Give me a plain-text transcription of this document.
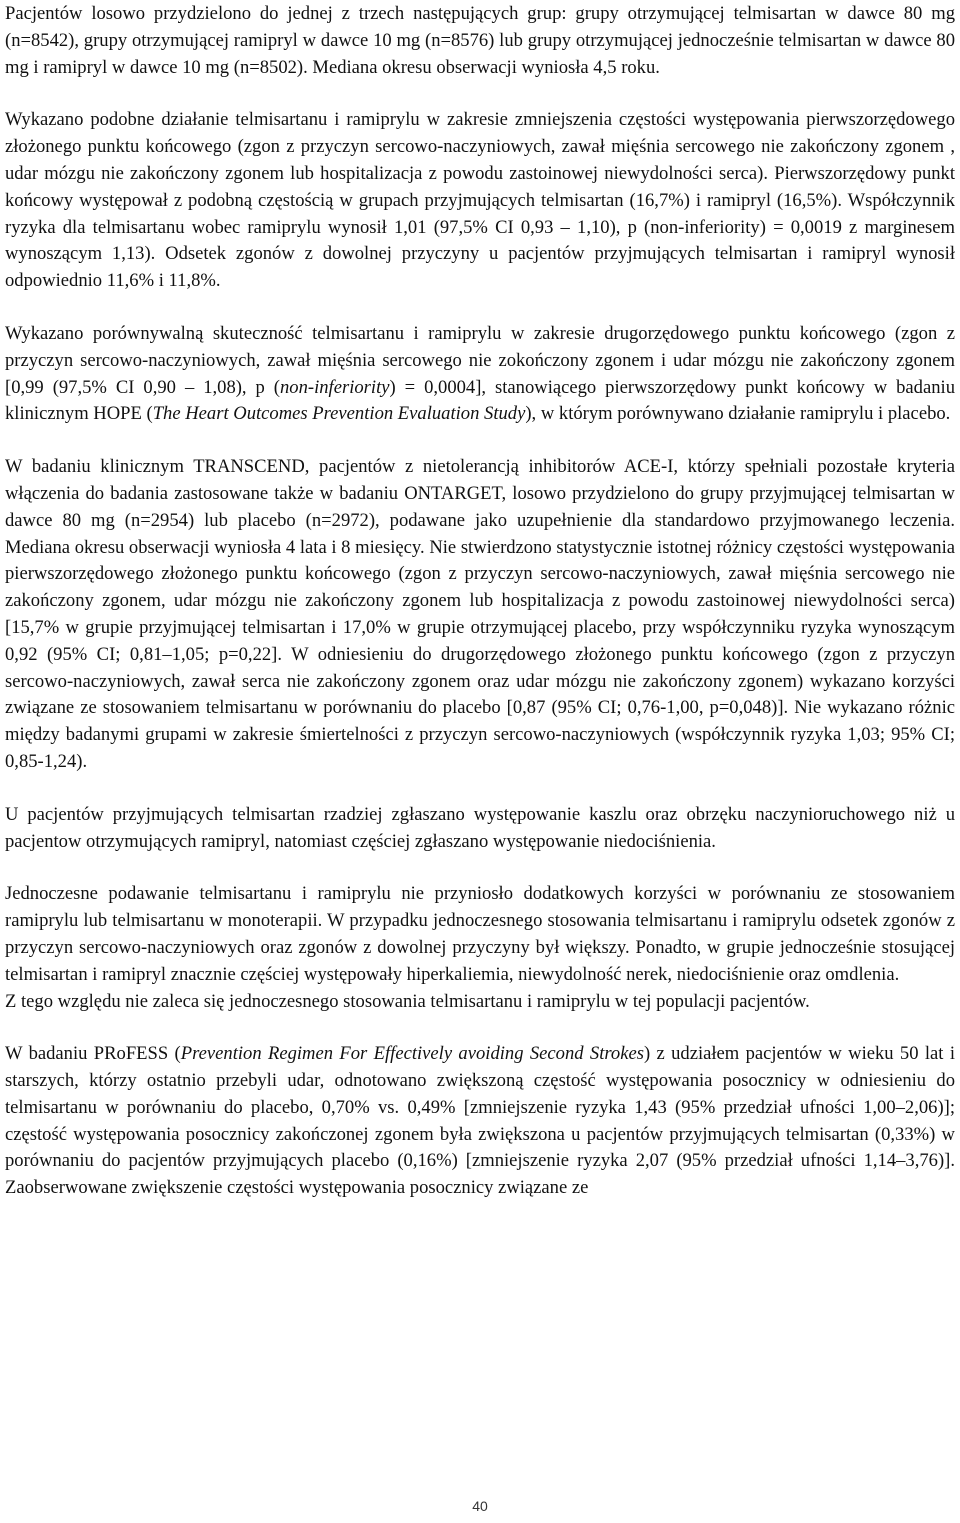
Pacjentów losowo przydzielono do jednej z trzech następujących grup: grupy otrzymującej telmisartan w dawce 80 mg (n=8542), grupy otrzymującej ramipryl w dawce 10 mg (n=8576) lub grupy otrzymującej jednocześnie telmisartan w dawce 80 mg i ramipryl w dawce 10 mg (n=8502). Mediana okresu obserwacji wyniosła 4,5 roku.

Wykazano podobne działanie telmisartanu i ramiprylu w zakresie zmniejszenia częstości występowania pierwszorzędowego złożonego punktu końcowego (zgon z przyczyn sercowo-naczyniowych, zawał mięśnia sercowego nie zakończony zgonem , udar mózgu nie zakończony zgonem lub hospitalizacja z powodu zastoinowej niewydolności serca). Pierwszorzędowy punkt końcowy występował z podobną częstością w grupach przyjmujących telmisartan (16,7%) i ramipryl (16,5%). Współczynnik ryzyka dla telmisartanu wobec ramiprylu wynosił 1,01 (97,5% CI 0,93 – 1,10), p (non-inferiority) = 0,0019 z marginesem wynoszącym 1,13). Odsetek zgonów z dowolnej przyczyny u pacjentów przyjmujących telmisartan i ramipryl wynosił odpowiednio 11,6% i 11,8%.

Wykazano porównywalną skuteczność telmisartanu i ramiprylu w zakresie drugorzędowego punktu końcowego (zgon z przyczyn sercowo-naczyniowych, zawał mięśnia sercowego nie zokończony zgonem i udar mózgu nie zakończony zgonem [0,99 (97,5% CI 0,90 – 1,08), p (non-inferiority) = 0,0004], stanowiącego pierwszorzędowy punkt końcowy w badaniu klinicznym HOPE (The Heart Outcomes Prevention Evaluation Study), w którym porównywano działanie ramiprylu i placebo.

W badaniu klinicznym TRANSCEND, pacjentów z nietolerancją inhibitorów ACE-I, którzy spełniali pozostałe kryteria włączenia do badania zastosowane także w badaniu ONTARGET, losowo przydzielono do grupy przyjmującej telmisartan w dawce 80 mg (n=2954) lub placebo (n=2972), podawane jako uzupełnienie dla standardowo przyjmowanego leczenia. Mediana okresu obserwacji wyniosła 4 lata i 8 miesięcy. Nie stwierdzono statystycznie istotnej różnicy częstości występowania pierwszorzędowego złożonego punktu końcowego (zgon z przyczyn sercowo-naczyniowych, zawał mięśnia sercowego nie zakończony zgonem, udar mózgu nie zakończony zgonem lub hospitalizacja z powodu zastoinowej niewydolności serca) [15,7% w grupie przyjmującej telmisartan i 17,0% w grupie otrzymującej placebo, przy współczynniku ryzyka wynoszącym 0,92 (95% CI; 0,81–1,05; p=0,22]. W odniesieniu do drugorzędowego złożonego punktu końcowego (zgon z przyczyn sercowo-naczyniowych, zawał serca nie zakończony zgonem oraz udar mózgu nie zakończony zgonem) wykazano korzyści związane ze stosowaniem telmisartanu w porównaniu do placebo [0,87 (95% CI; 0,76-1,00, p=0,048)]. Nie wykazano różnic między badanymi grupami w zakresie śmiertelności z przyczyn sercowo-naczyniowych (współczynnik ryzyka 1,03; 95% CI; 0,85-1,24).

U pacjentów przyjmujących telmisartan rzadziej zgłaszano występowanie kaszlu oraz obrzęku naczynioruchowego niż u pacjentow otrzymujących ramipryl, natomiast częściej zgłaszano występowanie niedociśnienia.

Jednoczesne podawanie telmisartanu i ramiprylu nie przyniosło dodatkowych korzyści w porównaniu ze stosowaniem ramiprylu lub telmisartanu w monoterapii. W przypadku jednoczesnego stosowania telmisartanu i ramiprylu odsetek zgonów z przyczyn sercowo-naczyniowych oraz zgonów z dowolnej przyczyny był większy. Ponadto, w grupie jednocześnie stosującej telmisartan i ramipryl znacznie częściej występowały hiperkaliemia, niewydolność nerek, niedociśnienie oraz omdlenia.

Z tego względu nie zaleca się jednoczesnego stosowania telmisartanu i ramiprylu w tej populacji pacjentów.

W badaniu PRoFESS (Prevention Regimen For Effectively avoiding Second Strokes) z udziałem pacjentów w wieku 50 lat i starszych, którzy ostatnio przebyli udar, odnotowano zwiększoną częstość występowania posocznicy w odniesieniu do telmisartanu w porównaniu do placebo, 0,70% vs. 0,49% [zmniejszenie ryzyka 1,43 (95% przedział ufności 1,00–2,06)]; częstość występowania posocznicy zakończonej zgonem była zwiększona u pacjentów przyjmujących telmisartan (0,33%) w porównaniu do pacjentów przyjmujących placebo (0,16%) [zmniejszenie ryzyka 2,07 (95% przedział ufności 1,14–3,76)]. Zaobserwowane zwiększenie częstości występowania posocznicy związane ze

40
